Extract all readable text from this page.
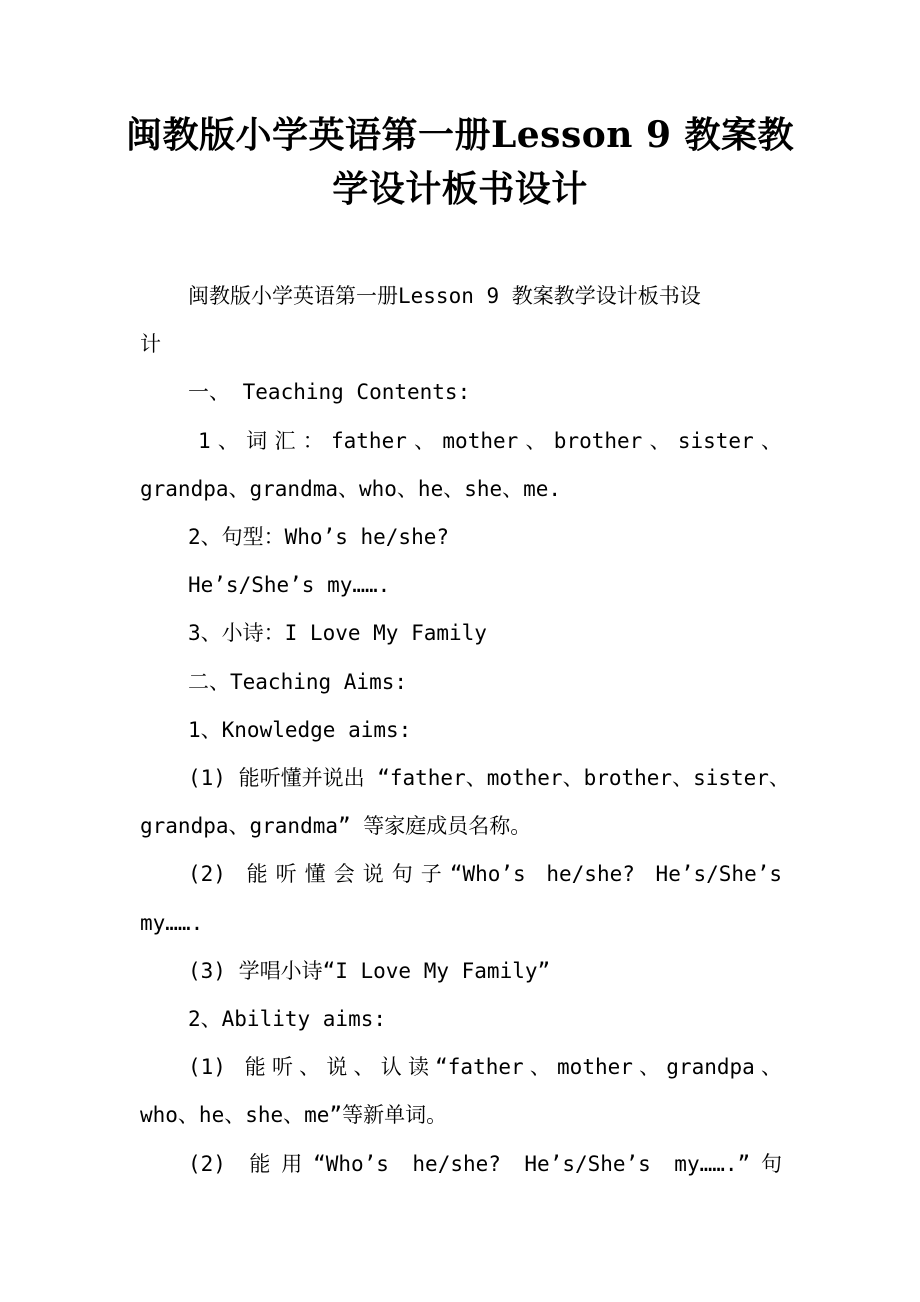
闽教版小学英语第一册Lesson 9 教案教
学设计板书设计
闽教版小学英语第一册Lesson 9 教案教学设计板书设
计
一、 Teaching Contents:
1、词汇：father、mother、brother、sister、
grandpa、grandma、who、he、she、me.
2、句型：Who’s he/she?
He’s/She’s my…….
3、小诗：I Love My Family
二、Teaching Aims:
1、Knowledge aims:
(1) 能听懂并说出 “father、mother、brother、sister、
grandpa、grandma” 等家庭成员名称。
(2) 能听懂会说句子“Who’s he/she? He’s/She’s
my…….
(3) 学唱小诗“I Love My Family”
2、Ability aims:
(1) 能听、说、认读“father、mother、grandpa、
who、he、she、me”等新单词。
(2) 能用“Who’s he/she? He’s/She’s my…….”句
